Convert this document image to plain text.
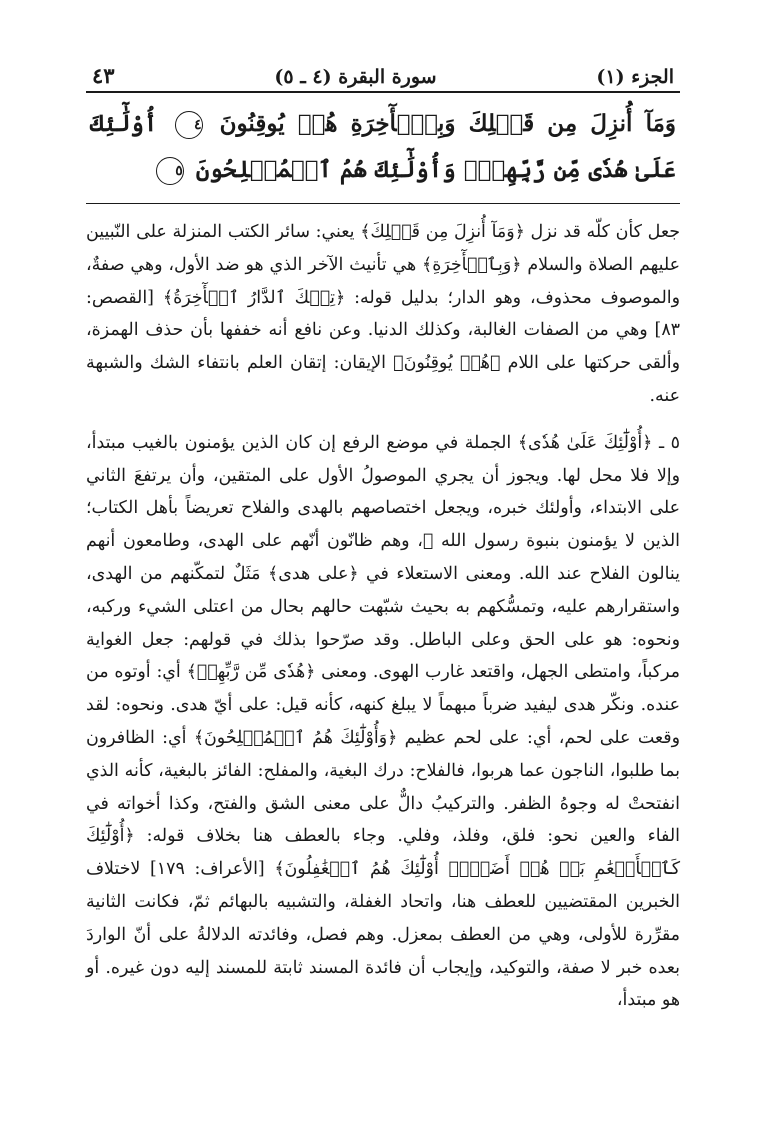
الجزء (١)
سورة البقرة (٤ ـ ٥)
٤٣
وَمَآ أُنزِلَ مِن قَبۡلِكَ وَبِٱلۡأٓخِرَةِ هُمۡ يُوقِنُونَ ٤ أُوْلَٰٓئِكَ عَلَىٰ هُدٗى مِّن رَّبِّهِمۡۖ وَأُوْلَٰٓئِكَ هُمُ ٱلۡمُفۡلِحُونَ ٥

جعل كأن كلّه قد نزل ﴿وَمَآ أُنزِلَ مِن قَبۡلِكَ﴾ يعني: سائر الكتب المنزلة على النّبيين عليهم الصلاة والسلام ﴿وَبِٱلۡأٓخِرَةِ﴾ هي تأنيث الآخر الذي هو ضد الأول، وهي صفةٌ، والموصوف محذوف، وهو الدار؛ بدليل قوله: ﴿تِلۡكَ ٱلدَّارُ ٱلۡأٓخِرَةُ﴾ [القصص: ٨٣] وهي من الصفات الغالبة، وكذلك الدنيا. وعن نافع أنه خففها بأن حذف الهمزة، وألقى حركتها على اللام ﴿هُمۡ يُوقِنُونَ﴾ الإيقان: إتقان العلم بانتفاء الشك والشبهة عنه.

٥ ـ ﴿أُوْلَٰٓئِكَ عَلَىٰ هُدٗى﴾ الجملة في موضع الرفع إن كان الذين يؤمنون بالغيب مبتدأ، وإلا فلا محل لها. ويجوز أن يجري الموصولُ الأول على المتقين، وأن يرتفعَ الثاني على الابتداء، وأولئك خبره، ويجعل اختصاصهم بالهدى والفلاح تعريضاً بأهل الكتاب؛ الذين لا يؤمنون بنبوة رسول الله ﷺ، وهم ظانّون أنّهم على الهدى، وطامعون أنهم ينالون الفلاح عند الله. ومعنى الاستعلاء في ﴿على هدى﴾ مَثَلٌ لتمكّنهم من الهدى، واستقرارهم عليه، وتمسُّكهم به بحيث شبّهت حالهم بحال من اعتلى الشيء وركبه، ونحوه: هو على الحق وعلى الباطل. وقد صرّحوا بذلك في قولهم: جعل الغواية مركباً، وامتطى الجهل، واقتعد غارب الهوى. ومعنى ﴿هُدٗى مِّن رَّبِّهِمۡ﴾ أي: أوتوه من عنده. ونكّر هدى ليفيد ضرباً مبهماً لا يبلغ كنهه، كأنه قيل: على أيّ هدى. ونحوه: لقد وقعت على لحم، أي: على لحم عظيم ﴿وَأُوْلَٰٓئِكَ هُمُ ٱلۡمُفۡلِحُونَ﴾ أي: الظافرون بما طلبوا، الناجون عما هربوا، فالفلاح: درك البغية، والمفلح: الفائز بالبغية، كأنه الذي انفتحتْ له وجوهُ الظفر. والتركيبُ دالٌّ على معنى الشق والفتح، وكذا أخواته في الفاء والعين نحو: فلق، وفلذ، وفلي. وجاء بالعطف هنا بخلاف قوله: ﴿أُوْلَٰٓئِكَ كَٱلۡأَنۡعَٰمِ بَلۡ هُمۡ أَضَلُّۚ أُوْلَٰٓئِكَ هُمُ ٱلۡغَٰفِلُونَ﴾ [الأعراف: ١٧٩] لاختلاف الخبرين المقتضيين للعطف هنا، واتحاد الغفلة، والتشبيه بالبهائم ثمّ، فكانت الثانية مقرِّرة للأولى، وهي من العطف بمعزل. وهم فصل، وفائدته الدلالةُ على أنّ الواردَ بعده خبر لا صفة، والتوكيد، وإيجاب أن فائدة المسند ثابتة للمسند إليه دون غيره. أو هو مبتدأ،
